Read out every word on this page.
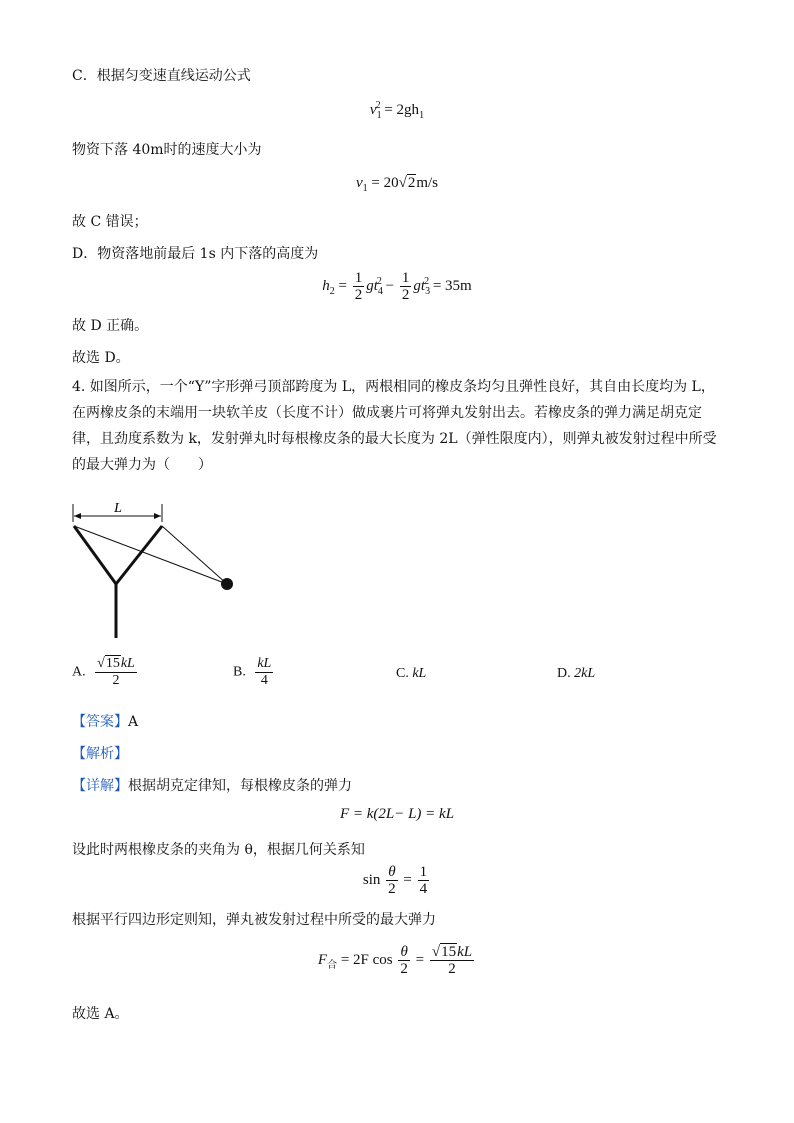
C．根据匀变速直线运动公式
$v_1^2 = 2gh_1$
物资下落 40m时的速度大小为
$v_1 = 20√2m/s$
故 C 错误；
D．物资落地前最后 1s 内下落的高度为
$h_2 = \frac{1}{2} gt_4^2 - \frac{1}{2} gt_3^2 = 35m$
故 D 正确。
故选 D。
4. 如图所示，一个“Y”字形弹弓顶部跨度为 L，两根相同的橡皮条均匀且弹性良好，其自由长度均为 L，在两橡皮条的末端用一块软羊皮（长度不计）做成裹片可将弹丸发射出去。若橡皮条的弹力满足胡克定律，且劲度系数为 k，发射弹丸时每根橡皮条的最大长度为 2L（弹性限度内），则弹丸被发射过程中所受的最大弹力为（　　）
L
A. $\frac{√15kL}{2}$	B. $\frac{kL}{4}$	C. kL	D. 2kL
【答案】A
【解析】
【详解】根据胡克定律知，每根橡皮条的弹力
F = k(2L− L) = kL
设此时两根橡皮条的夹角为 θ，根据几何关系知
$\sin \frac{\theta}{2} = \frac{1}{4}$
根据平行四边形定则知，弹丸被发射过程中所受的最大弹力
$F_合 = 2F$ $\cos \frac{\theta}{2} = \frac{√15kL}{2}$
故选 A。
